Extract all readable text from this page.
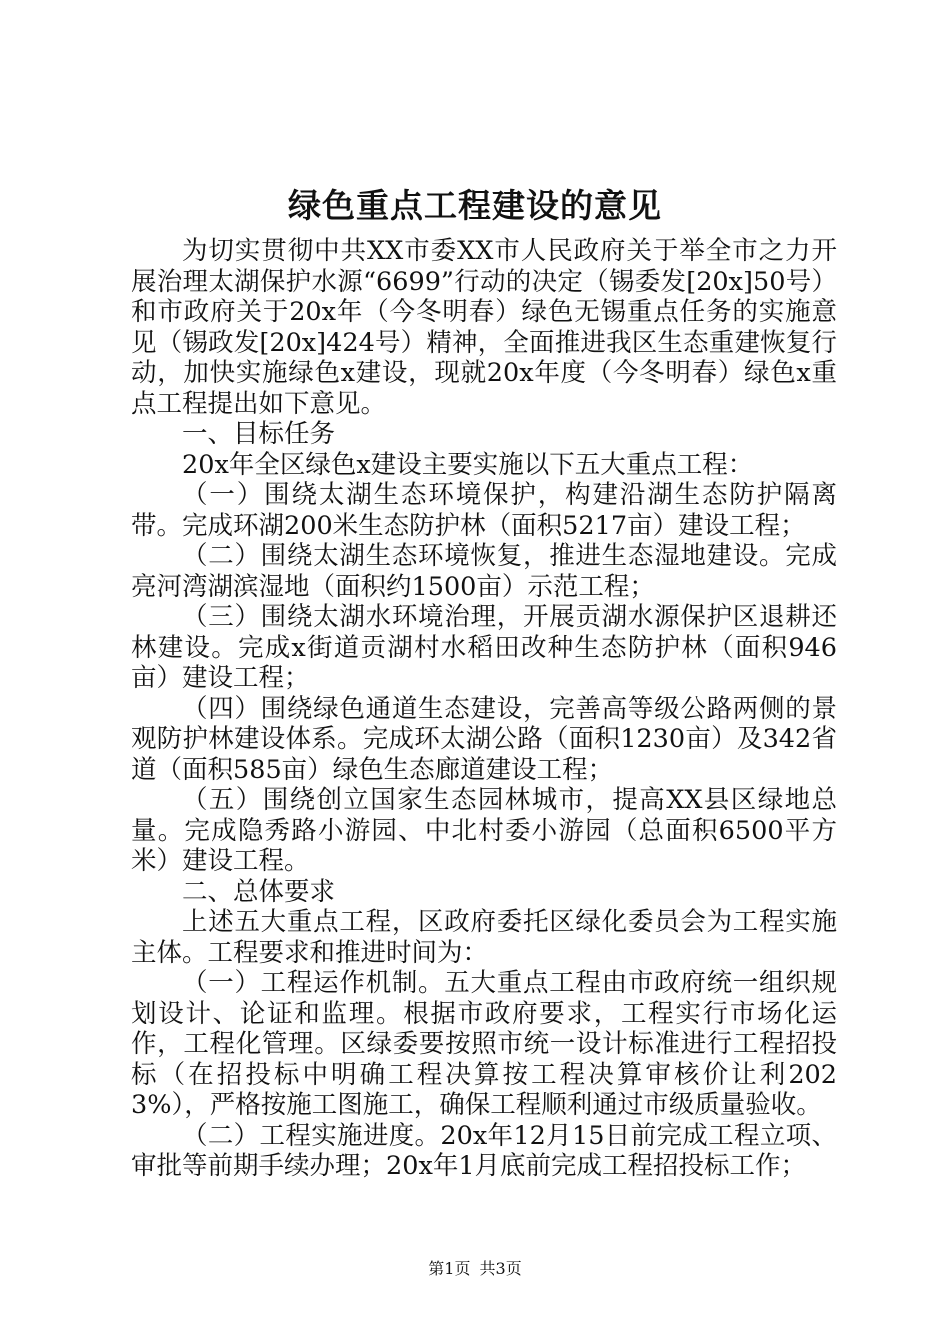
绿色重点工程建设的意见

为切实贯彻中共XX市委XX市人民政府关于举全市之力开展治理太湖保护水源“6699”行动的决定（锡委发[20x]50号）和市政府关于20x年（今冬明春）绿色无锡重点任务的实施意见（锡政发[20x]424号）精神，全面推进我区生态重建恢复行动，加快实施绿色x建设，现就20x年度（今冬明春）绿色x重点工程提出如下意见。

一、目标任务

20x年全区绿色x建设主要实施以下五大重点工程：

（一）围绕太湖生态环境保护，构建沿湖生态防护隔离带。完成环湖200米生态防护林（面积5217亩）建设工程；

（二）围绕太湖生态环境恢复，推进生态湿地建设。完成亮河湾湖滨湿地（面积约1500亩）示范工程；

（三）围绕太湖水环境治理，开展贡湖水源保护区退耕还林建设。完成x街道贡湖村水稻田改种生态防护林（面积946亩）建设工程；

（四）围绕绿色通道生态建设，完善高等级公路两侧的景观防护林建设体系。完成环太湖公路（面积1230亩）及342省道（面积585亩）绿色生态廊道建设工程；

（五）围绕创立国家生态园林城市，提高XX县区绿地总量。完成隐秀路小游园、中北村委小游园（总面积6500平方米）建设工程。

二、总体要求

上述五大重点工程，区政府委托区绿化委员会为工程实施主体。工程要求和推进时间为：

（一）工程运作机制。五大重点工程由市政府统一组织规划设计、论证和监理。根据市政府要求，工程实行市场化运作，工程化管理。区绿委要按照市统一设计标准进行工程招投标（在招投标中明确工程决算按工程决算审核价让利2023%），严格按施工图施工，确保工程顺利通过市级质量验收。

（二）工程实施进度。20x年12月15日前完成工程立项、审批等前期手续办理；20x年1月底前完成工程招投标工作；

第1页 共3页
